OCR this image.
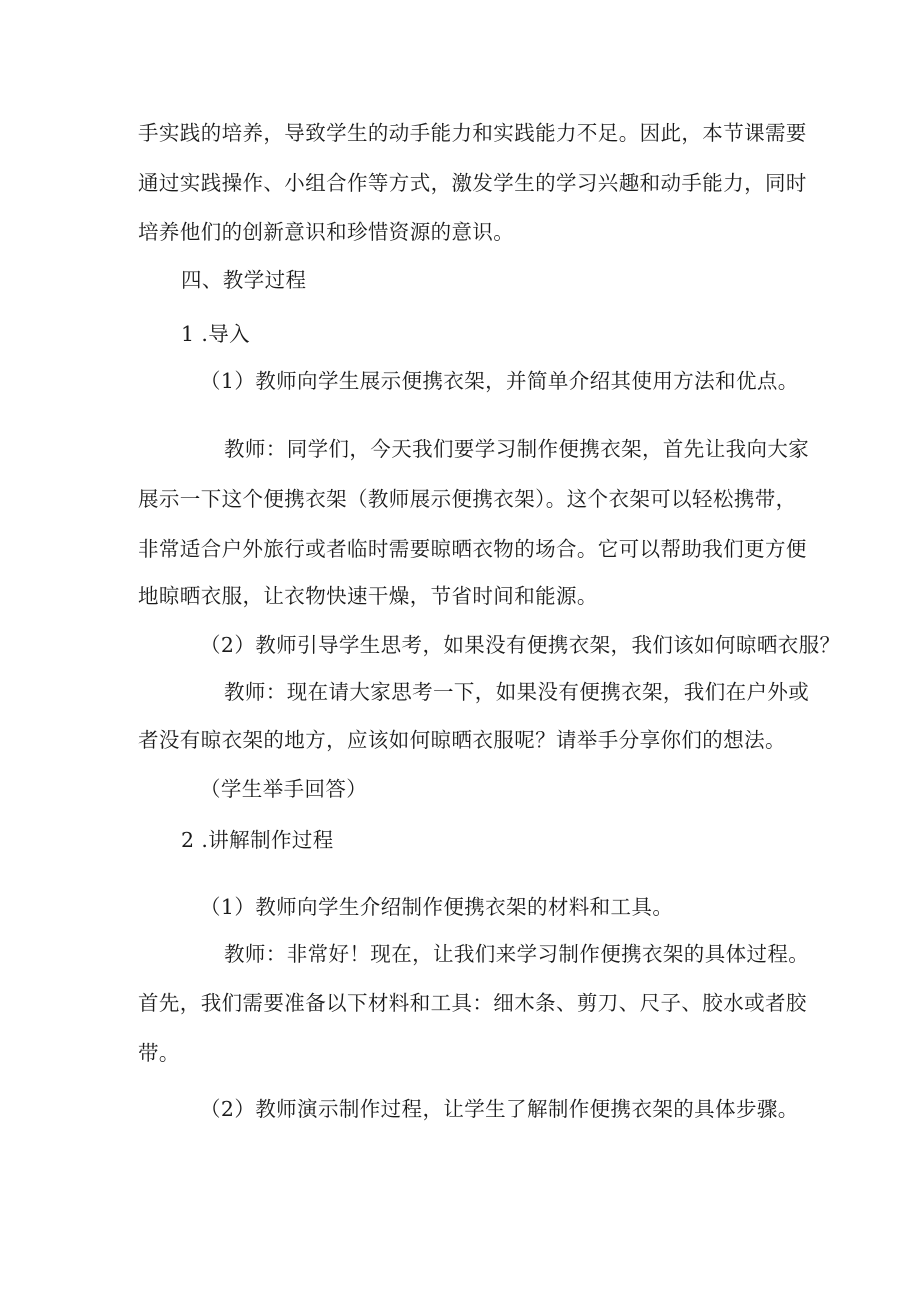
手实践的培养，导致学生的动手能力和实践能力不足。因此，本节课需要
通过实践操作、小组合作等方式，激发学生的学习兴趣和动手能力，同时
培养他们的创新意识和珍惜资源的意识。
四、教学过程
1 .导入
（1）教师向学生展示便携衣架，并简单介绍其使用方法和优点。
教师：同学们，今天我们要学习制作便携衣架，首先让我向大家
展示一下这个便携衣架（教师展示便携衣架）。这个衣架可以轻松携带，
非常适合户外旅行或者临时需要晾晒衣物的场合。它可以帮助我们更方便
地晾晒衣服，让衣物快速干燥，节省时间和能源。
（2）教师引导学生思考，如果没有便携衣架，我们该如何晾晒衣服？
教师：现在请大家思考一下，如果没有便携衣架，我们在户外或
者没有晾衣架的地方，应该如何晾晒衣服呢？请举手分享你们的想法。
（学生举手回答）
2 .讲解制作过程
（1）教师向学生介绍制作便携衣架的材料和工具。
教师：非常好！现在，让我们来学习制作便携衣架的具体过程。
首先，我们需要准备以下材料和工具：细木条、剪刀、尺子、胶水或者胶
带。
（2）教师演示制作过程，让学生了解制作便携衣架的具体步骤。
